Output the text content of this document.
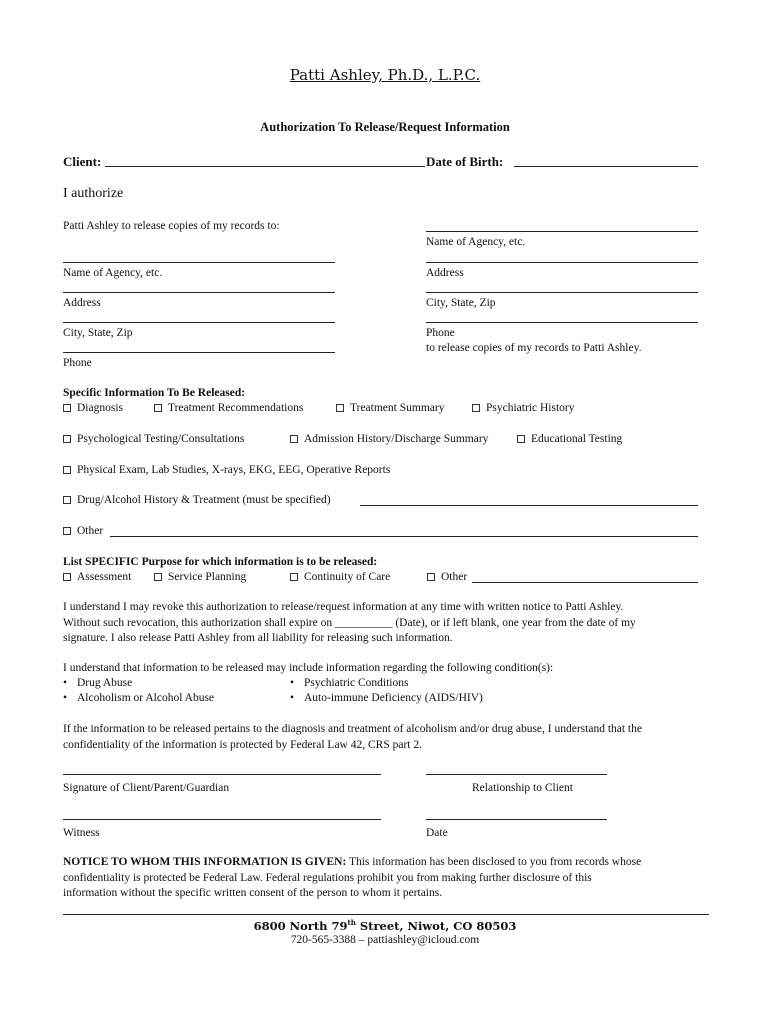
Patti Ashley, Ph.D., L.P.C.
Authorization To Release/Request Information
Client:	Date of Birth:
I authorize
Patti Ashley to release copies of my records to:
Name of Agency, etc.
Address
City, State, Zip
Phone
to release copies of my records to Patti Ashley.
Name of Agency, etc.
Address
City, State, Zip
Phone
Specific Information To Be Released:
Diagnosis	Treatment Recommendations	Treatment Summary	Psychiatric History
Psychological Testing/Consultations	Admission History/Discharge Summary	Educational Testing
Physical Exam, Lab Studies, X-rays, EKG, EEG, Operative Reports
Drug/Alcohol History & Treatment (must be specified)
Other
List SPECIFIC Purpose for which information is to be released:
Assessment	Service Planning	Continuity of Care	Other
I understand I may revoke this authorization to release/request information at any time with written notice to Patti Ashley.
Without such revocation, this authorization shall expire on __________ (Date), or if left blank, one year from the date of my
signature. I also release Patti Ashley from all liability for releasing such information.
I understand that information to be released may include information regarding the following condition(s):
• Drug Abuse	• Psychiatric Conditions
• Alcoholism or Alcohol Abuse	• Auto-immune Deficiency (AIDS/HIV)
If the information to be released pertains to the diagnosis and treatment of alcoholism and/or drug abuse, I understand that the
confidentiality of the information is protected by Federal Law 42, CRS part 2.
Signature of Client/Parent/Guardian	Relationship to Client
Witness	Date
NOTICE TO WHOM THIS INFORMATION IS GIVEN: This information has been disclosed to you from records whose
confidentiality is protected be Federal Law. Federal regulations prohibit you from making further disclosure of this
information without the specific written consent of the person to whom it pertains.
6800 North 79th Street, Niwot, CO 80503
720-565-3388 – pattiashley@icloud.com
